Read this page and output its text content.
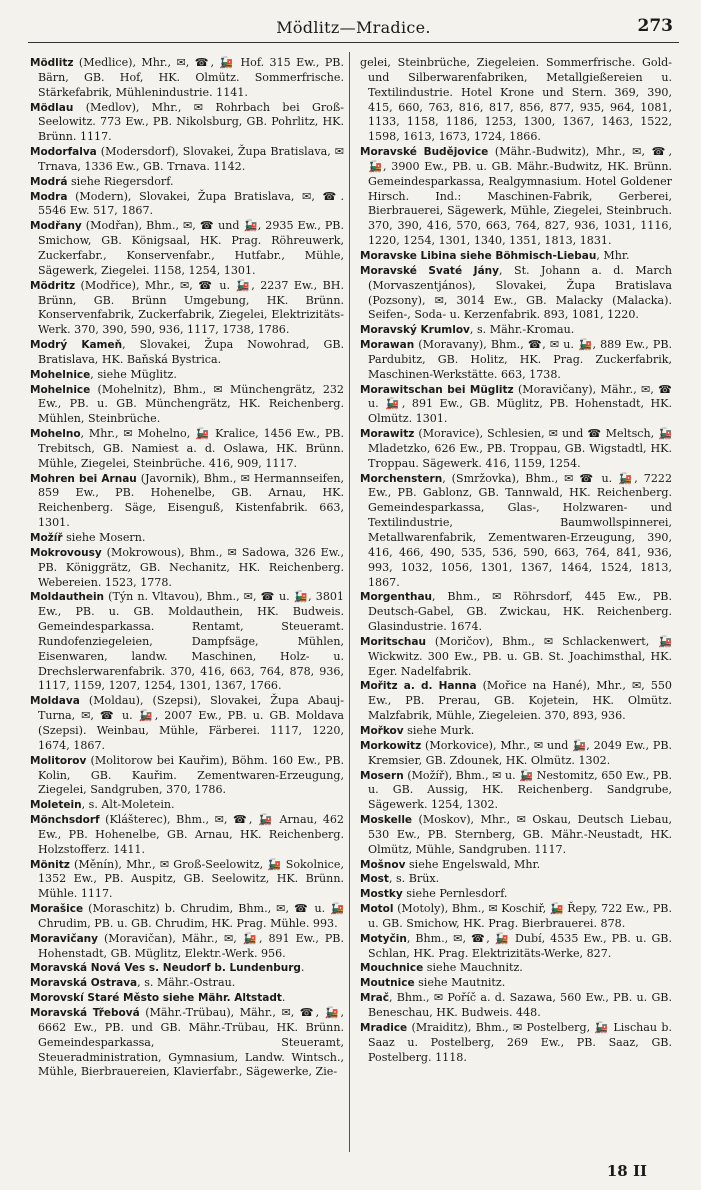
Mödlitz—Mradice.	273

Mödlitz (Medlice), Mhr., ✉, ☎, 🚂 Hof. 315 Ew., PB. Bärn, GB. Hof, HK. Olmütz. Sommerfrische. Stärkefabrik, Mühlenindustrie. 1141.

Mödlau (Medlov), Mhr., ✉ Rohrbach bei Groß-Seelowitz. 773 Ew., PB. Nikolsburg, GB. Pohrlitz, HK. Brünn. 1117.

Modorfalva (Modersdorf), Slovakei, Župa Bratislava, ✉ Trnava, 1336 Ew., GB. Trnava. 1142.

Modrá siehe Riegersdorf.

Modra (Modern), Slovakei, Župa Bratislava, ✉, ☎. 5546 Ew. 517, 1867.

Modřany (Modřan), Bhm., ✉, ☎ und 🚂, 2935 Ew., PB. Smichow, GB. Königsaal, HK. Prag. Röhreuwerk, Zuckerfabr., Konservenfabr., Hutfabr., Mühle, Sägewerk, Ziegelei. 1158, 1254, 1301.

Mödritz (Modřice), Mhr., ✉, ☎ u. 🚂, 2237 Ew., BH. Brünn, GB. Brünn Umgebung, HK. Brünn. Konservenfabrik, Zuckerfabrik, Ziegelei, Elektrizitäts-Werk. 370, 390, 590, 936, 1117, 1738, 1786.

Modrý Kameň, Slovakei, Župa Nowohrad, GB. Bratislava, HK. Baňská Bystrica.

Mohelnice, siehe Müglitz.

Mohelnice (Mohelnitz), Bhm., ✉ Münchengrätz, 232 Ew., PB. u. GB. Münchengrätz, HK. Reichenberg. Mühlen, Steinbrüche.

Mohelno, Mhr., ✉ Mohelno, 🚂 Kralice, 1456 Ew., PB. Trebitsch, GB. Namiest a. d. Oslawa, HK. Brünn. Mühle, Ziegelei, Steinbrüche. 416, 909, 1117.

Mohren bei Arnau (Javornik), Bhm., ✉ Hermannseifen, 859 Ew., PB. Hohenelbe, GB. Arnau, HK. Reichenberg. Säge, Eisenguß, Kistenfabrik. 663, 1301.

Možíř siehe Mosern.

Mokrovousy (Mokrowous), Bhm., ✉ Sadowa, 326 Ew., PB. Königgrätz, GB. Nechanitz, HK. Reichenberg. Webereien. 1523, 1778.

Moldauthein (Týn n. Vltavou), Bhm., ✉, ☎ u. 🚂, 3801 Ew., PB. u. GB. Moldauthein, HK. Budweis. Gemeindesparkassa. Rentamt, Steueramt. Rundofenziegeleien, Dampfsäge, Mühlen, Eisenwaren, landw. Maschinen, Holz- u. Drechslerwarenfabrik. 370, 416, 663, 764, 878, 936, 1117, 1159, 1207, 1254, 1301, 1367, 1766.

Moldava (Moldau), (Szepsi), Slovakei, Župa Abauj-Turna, ✉, ☎ u. 🚂, 2007 Ew., PB. u. GB. Moldava (Szepsi). Weinbau, Mühle, Färberei. 1117, 1220, 1674, 1867.

Molitorov (Molitorow bei Kauřim), Böhm. 160 Ew., PB. Kolin, GB. Kauřim. Zementwaren-Erzeugung, Ziegelei, Sandgruben, 370, 1786.

Moletein, s. Alt-Moletein.

Mönchsdorf (Klášterec), Bhm., ✉, ☎, 🚂 Arnau, 462 Ew., PB. Hohenelbe, GB. Arnau, HK. Reichenberg. Holzstofferz. 1411.

Mönitz (Měnín), Mhr., ✉ Groß-Seelowitz, 🚂 Sokolnice, 1352 Ew., PB. Auspitz, GB. Seelowitz, HK. Brünn. Mühle. 1117.

Morašice (Moraschitz) b. Chrudim, Bhm., ✉, ☎ u. 🚂 Chrudim, PB. u. GB. Chrudim, HK. Prag. Mühle. 993.

Moravičany (Moravičan), Mähr., ✉, 🚂, 891 Ew., PB. Hohenstadt, GB. Müglitz, Elektr.-Werk. 956.

Moravská Nová Ves s. Neudorf b. Lundenburg.

Moravská Ostrava, s. Mähr.-Ostrau.

Morovskí Staré Město siehe Mähr. Altstadt.

Moravská Třebová (Mähr.-Trübau), Mähr., ✉, ☎, 🚂, 6662 Ew., PB. und GB. Mähr.-Trübau, HK. Brünn. Gemeindesparkassa, Steueramt, Steueradministration, Gymnasium, Landw. Wintsch., Mühle, Bierbrauereien, Klavierfabr., Sägewerke, Zie-

gelei, Steinbrüche, Ziegeleien. Sommerfrische. Gold- und Silberwarenfabriken, Metallgießereien u. Textilindustrie. Hotel Krone und Stern. 369, 390, 415, 660, 763, 816, 817, 856, 877, 935, 964, 1081, 1133, 1158, 1186, 1253, 1300, 1367, 1463, 1522, 1598, 1613, 1673, 1724, 1866.

Moravské Budějovice (Mähr.-Budwitz), Mhr., ✉, ☎, 🚂, 3900 Ew., PB. u. GB. Mähr.-Budwitz, HK. Brünn. Gemeindesparkassa, Realgymnasium. Hotel Goldener Hirsch. Ind.: Maschinen-Fabrik, Gerberei, Bierbrauerei, Sägewerk, Mühle, Ziegelei, Steinbruch. 370, 390, 416, 570, 663, 764, 827, 936, 1031, 1116, 1220, 1254, 1301, 1340, 1351, 1813, 1831.

Moravske Libina siehe Böhmisch-Liebau, Mhr.

Moravské Svaté Jány, St. Johann a. d. March (Morvaszentjános), Slovakei, Župa Bratislava (Pozsony), ✉, 3014 Ew., GB. Malacky (Malacka). Seifen-, Soda- u. Kerzenfabrik. 893, 1081, 1220.

Moravský Krumlov, s. Mähr.-Kromau.

Morawan (Moravany), Bhm., ☎, ✉ u. 🚂, 889 Ew., PB. Pardubitz, GB. Holitz, HK. Prag. Zuckerfabrik, Maschinen-Werkstätte. 663, 1738.

Morawitschan bei Müglitz (Moravičany), Mähr., ✉, ☎ u. 🚂, 891 Ew., GB. Müglitz, PB. Hohenstadt, HK. Olmütz. 1301.

Morawitz (Moravice), Schlesien, ✉ und ☎ Meltsch, 🚂 Mladetzko, 626 Ew., PB. Troppau, GB. Wigstadtl, HK. Troppau. Sägewerk. 416, 1159, 1254.

Morchenstern, (Smržovka), Bhm., ✉ ☎ u. 🚂, 7222 Ew., PB. Gablonz, GB. Tannwald, HK. Reichenberg. Gemeindesparkassa, Glas-, Holzwaren- und Textilindustrie, Baumwollspinnerei, Metallwarenfabrik, Zementwaren-Erzeugung, 390, 416, 466, 490, 535, 536, 590, 663, 764, 841, 936, 993, 1032, 1056, 1301, 1367, 1464, 1524, 1813, 1867.

Morgenthau, Bhm., ✉ Röhrsdorf, 445 Ew., PB. Deutsch-Gabel, GB. Zwickau, HK. Reichenberg. Glasindustrie. 1674.

Moritschau (Moričov), Bhm., ✉ Schlackenwert, 🚂 Wickwitz. 300 Ew., PB. u. GB. St. Joachimsthal, HK. Eger. Nadelfabrik.

Mořitz a. d. Hanna (Mořice na Hané), Mhr., ✉, 550 Ew., PB. Prerau, GB. Kojetein, HK. Olmütz. Malzfabrik, Mühle, Ziegeleien. 370, 893, 936.

Mořkov siehe Murk.

Morkowitz (Morkovice), Mhr., ✉ und 🚂, 2049 Ew., PB. Kremsier, GB. Zdounek, HK. Olmütz. 1302.

Mosern (Možíř), Bhm., ✉ u. 🚂 Nestomitz, 650 Ew., PB. u. GB. Aussig, HK. Reichenberg. Sandgrube, Sägewerk. 1254, 1302.

Moskelle (Moskov), Mhr., ✉ Oskau, Deutsch Liebau, 530 Ew., PB. Sternberg, GB. Mähr.-Neustadt, HK. Olmütz, Mühle, Sandgruben. 1117.

Mošnov siehe Engelswald, Mhr.

Most, s. Brüx.

Mostky siehe Pernlesdorf.

Motol (Motoly), Bhm., ✉ Koschiř, 🚂 Řepy, 722 Ew., PB. u. GB. Smichow, HK. Prag. Bierbrauerei. 878.

Motyčin, Bhm., ✉, ☎, 🚂 Dubí, 4535 Ew., PB. u. GB. Schlan, HK. Prag. Elektrizitäts-Werke, 827.

Mouchnice siehe Mauchnitz.

Moutnice siehe Mautnitz.

Mrač, Bhm., ✉ Poříč a. d. Sazawa, 560 Ew., PB. u. GB. Beneschau, HK. Budweis. 448.

Mradice (Mraiditz), Bhm., ✉ Postelberg, 🚂 Lischau b. Saaz u. Postelberg, 269 Ew., PB. Saaz, GB. Postelberg. 1118.

18 II
